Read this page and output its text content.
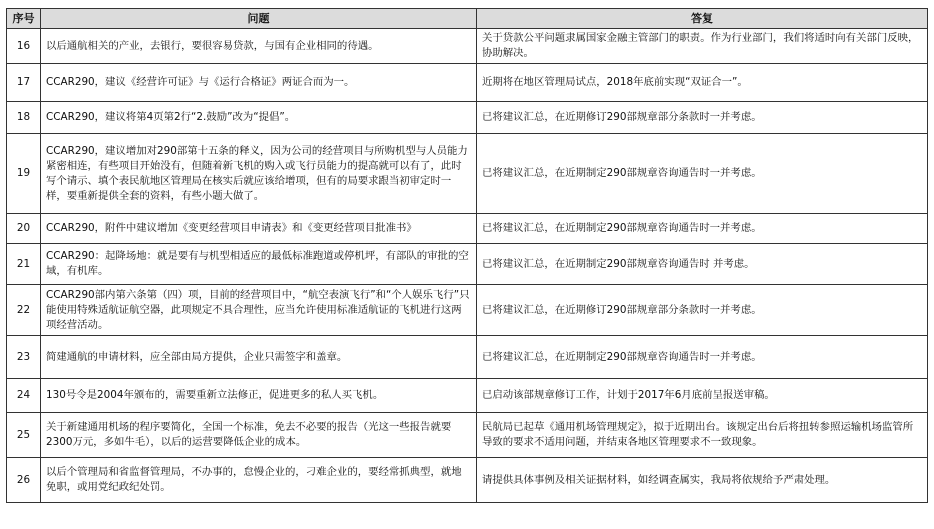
序号	问题	答复
16	以后通航相关的产业，去银行，要很容易贷款，与国有企业相同的待遇。	关于贷款公平问题隶属国家金融主管部门的职责。作为行业部门，我们将适时向有关部门反映，协助解决。
17	CCAR290，建议《经营许可证》与《运行合格证》两证合而为一。	近期将在地区管理局试点，2018年底前实现“双证合一”。
18	CCAR290，建议将第4页第2行“2.鼓励”改为“提倡”。	已将建议汇总，在近期修订290部规章部分条款时一并考虑。
19	CCAR290，建议增加对290部第十五条的释义，因为公司的经营项目与所购机型与人员能力紧密相连，有些项目开始没有，但随着新飞机的购入或飞行员能力的提高就可以有了，此时写个请示、填个表民航地区管理局在核实后就应该给增项，但有的局要求跟当初审定时一样，要重新提供全套的资料，有些小题大做了。	已将建议汇总，在近期制定290部规章咨询通告时一并考虑。
20	CCAR290，附件中建议增加《变更经营项目申请表》和《变更经营项目批准书》	已将建议汇总，在近期制定290部规章咨询通告时一并考虑。
21	CCAR290：起降场地：就是要有与机型相适应的最低标准跑道或停机坪，有部队的审批的空域，有机库。	已将建议汇总，在近期制定290部规章咨询通告时 并考虑。
22	CCAR290部内第六条第（四）项，目前的经营项目中，“航空表演飞行”和“个人娱乐飞行”只能使用特殊适航证航空器，此项规定不具合理性，应当允许使用标准适航证的飞机进行这两项经营活动。	已将建议汇总，在近期修订290部规章部分条款时一并考虑。
23	简建通航的申请材料，应全部由局方提供，企业只需签字和盖章。	已将建议汇总，在近期制定290部规章咨询通告时一并考虑。
24	130号令是2004年颁布的，需要重新立法修正，促进更多的私人买飞机。	已启动该部规章修订工作，计划于2017年6月底前呈报送审稿。
25	关于新建通用机场的程序要简化，全国一个标准，免去不必要的报告（光这一些报告就要2300万元，多如牛毛），以后的运营要降低企业的成本。	民航局已起草《通用机场管理规定》，拟于近期出台。该规定出台后将扭转参照运输机场监管所导致的要求不适用问题，并结束各地区管理要求不一致现象。
26	以后个管理局和省监督管理局，不办事的，怠慢企业的，刁难企业的，要经常抓典型，就地免职，或用党纪政纪处罚。	请提供具体事例及相关证据材料，如经调查属实，我局将依规给予严肃处理。
